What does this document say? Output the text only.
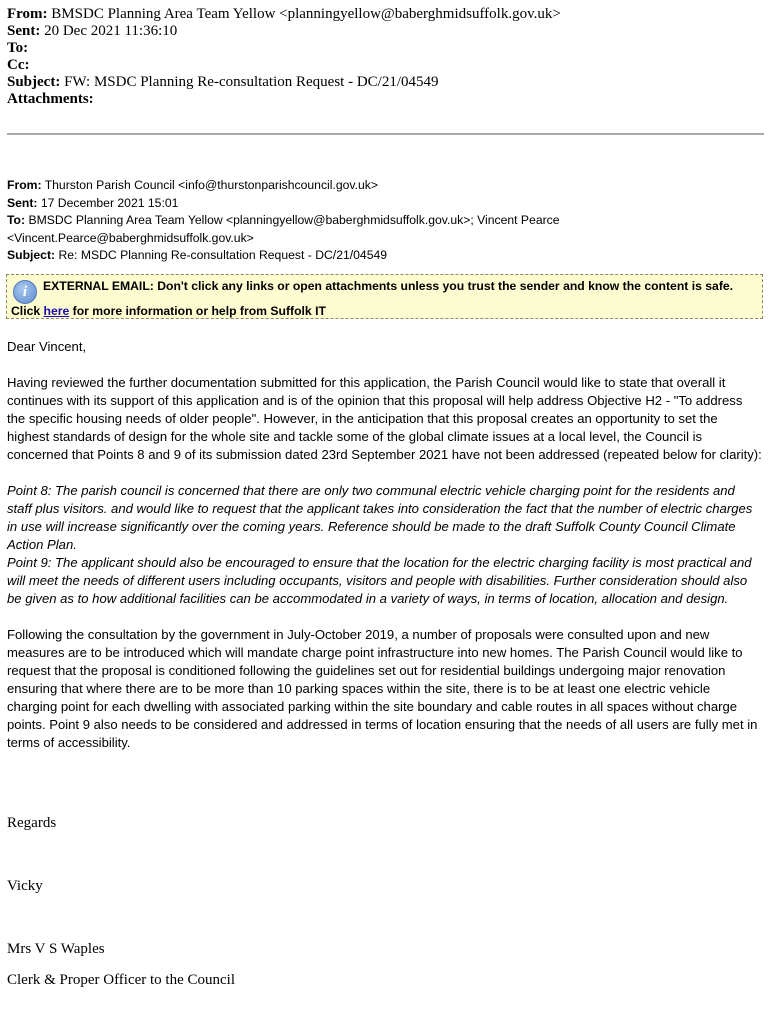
From: BMSDC Planning Area Team Yellow <planningyellow@baberghmidsuffolk.gov.uk>
Sent: 20 Dec 2021 11:36:10
To:
Cc:
Subject: FW: MSDC Planning Re-consultation Request - DC/21/04549
Attachments:
From: Thurston Parish Council <info@thurstonparishcouncil.gov.uk>
Sent: 17 December 2021 15:01
To: BMSDC Planning Area Team Yellow <planningyellow@baberghmidsuffolk.gov.uk>; Vincent Pearce
<Vincent.Pearce@baberghmidsuffolk.gov.uk>
Subject: Re: MSDC Planning Re-consultation Request - DC/21/04549
i EXTERNAL EMAIL: Don't click any links or open attachments unless you trust the sender and know the content is safe. Click here for more information or help from Suffolk IT

Dear Vincent,

Having reviewed the further documentation submitted for this application, the Parish Council would like to state that overall it continues with its support of this application and is of the opinion that this proposal will help address Objective H2 - "To address the specific housing needs of older people". However, in the anticipation that this proposal creates an opportunity to set the highest standards of design for the whole site and tackle some of the global climate issues at a local level, the Council is concerned that Points 8 and 9 of its submission dated 23rd September 2021 have not been addressed (repeated below for clarity):

Point 8: The parish council is concerned that there are only two communal electric vehicle charging point for the residents and staff plus visitors. and would like to request that the applicant takes into consideration the fact that the number of electric charges in use will increase significantly over the coming years. Reference should be made to the draft Suffolk County Council Climate Action Plan.

Point 9: The applicant should also be encouraged to ensure that the location for the electric charging facility is most practical and will meet the needs of different users including occupants, visitors and people with disabilities. Further consideration should also be given as to how additional facilities can be accommodated in a variety of ways, in terms of location, allocation and design.

Following the consultation by the government in July-October 2019, a number of proposals were consulted upon and new measures are to be introduced which will mandate charge point infrastructure into new homes. The Parish Council would like to request that the proposal is conditioned following the guidelines set out for residential buildings undergoing major renovation ensuring that where there are to be more than 10 parking spaces within the site, there is to be at least one electric vehicle charging point for each dwelling with associated parking within the site boundary and cable routes in all spaces without charge points. Point 9 also needs to be considered and addressed in terms of location ensuring that the needs of all users are fully met in terms of accessibility.

Regards
Vicky
Mrs V S Waples
Clerk & Proper Officer to the Council
